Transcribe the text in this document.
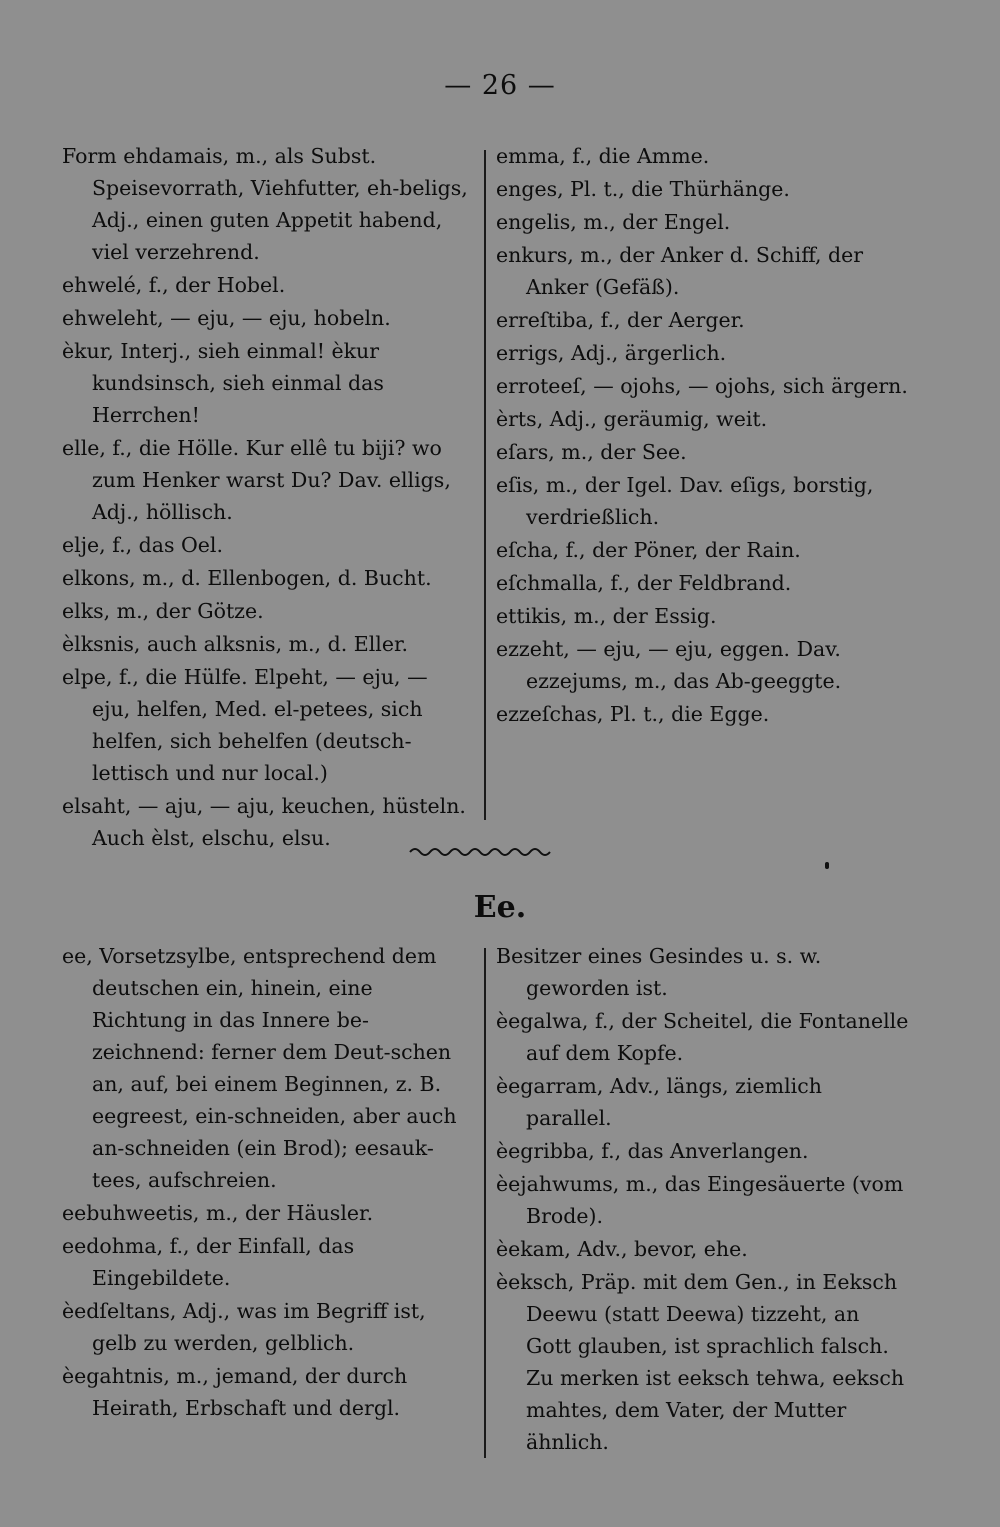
— 26 —

Form ehdamais, m., als Subst. Speisevorrath, Viehfutter, eh-beligs, Adj., einen guten Appetit habend, viel verzehrend.

ehwelé, f., der Hobel.

ehweleht, — eju, — eju, hobeln.

èkur, Interj., sieh einmal! èkur kundsinsch, sieh einmal das Herrchen!

elle, f., die Hölle. Kur ellê tu biji? wo zum Henker warst Du? Dav. elligs, Adj., höllisch.

elje, f., das Oel.

elkons, m., d. Ellenbogen, d. Bucht.

elks, m., der Götze.

èlksnis, auch alksnis, m., d. Eller.

elpe, f., die Hülfe. Elpeht, — eju, — eju, helfen, Med. el-petees, sich helfen, sich behelfen (deutsch-lettisch und nur local.)

elsaht, — aju, — aju, keuchen, hüsteln. Auch èlst, elschu, elsu.

emma, f., die Amme.

enges, Pl. t., die Thürhänge.

engelis, m., der Engel.

enkurs, m., der Anker d. Schiff, der Anker (Gefäß).

erreſtiba, f., der Aerger.

errigs, Adj., ärgerlich.

erroteeſ, — ojohs, — ojohs, sich ärgern.

èrts, Adj., geräumig, weit.

eſars, m., der See.

eſis, m., der Igel. Dav. eſigs, borstig, verdrießlich.

eſcha, f., der Pöner, der Rain.

eſchmalla, f., der Feldbrand.

ettikis, m., der Essig.

ezzeht, — eju, — eju, eggen. Dav. ezzejums, m., das Ab-geeggte.

ezzeſchas, Pl. t., die Egge.

Ee.

ee, Vorsetzsylbe, entsprechend dem deutschen ein, hinein, eine Richtung in das Innere be-zeichnend: ferner dem Deut-schen an, auf, bei einem Beginnen, z. B. eegreest, ein-schneiden, aber auch an-schneiden (ein Brod); eesauk-tees, aufschreien.

eebuhweetis, m., der Häusler.

eedohma, f., der Einfall, das Eingebildete.

èedſeltans, Adj., was im Begriff ist, gelb zu werden, gelblich.

èegahtnis, m., jemand, der durch Heirath, Erbschaft und dergl.

Besitzer eines Gesindes u. s. w. geworden ist.

èegalwa, f., der Scheitel, die Fontanelle auf dem Kopfe.

èegarram, Adv., längs, ziemlich parallel.

èegribba, f., das Anverlangen.

èejahwums, m., das Eingesäuerte (vom Brode).

èekam, Adv., bevor, ehe.

èeksch, Präp. mit dem Gen., in Eeksch Deewu (statt Deewa) tizzeht, an Gott glauben, ist sprachlich falsch. Zu merken ist eeksch tehwa, eeksch mahtes, dem Vater, der Mutter ähnlich.
